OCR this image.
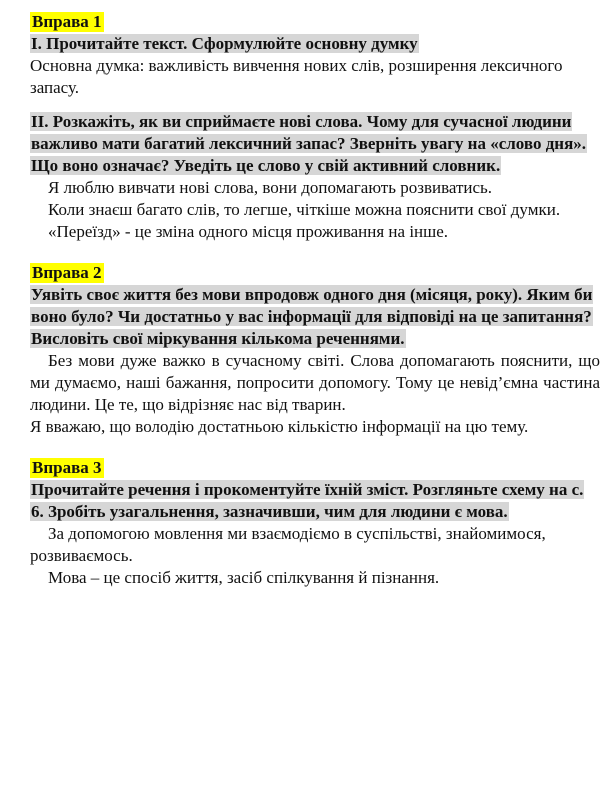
Вправа 1

І. Прочитайте текст. Сформулюйте основну думку

Основна думка: важливість вивчення нових слів, розширення лексичного запасу.

ІІ. Розкажіть, як ви сприймаєте нові слова. Чому для сучасної людини важливо мати багатий лексичний запас? Зверніть увагу на «слово дня». Що воно означає? Уведіть це слово у свій активний словник.

Я люблю вивчати нові слова, вони допомагають розвиватись.

Коли знаєш багато слів, то легше, чіткіше можна пояснити свої думки.

«Переїзд» - це зміна одного місця проживання на інше.

Вправа 2

Уявіть своє життя без мови впродовж одного дня (місяця, року). Яким би воно було? Чи достатньо у вас інформації для відповіді на це запитання? Висловіть свої міркування кількома реченнями.

Без мови дуже важко в сучасному світі. Слова допомагають пояснити, що ми думаємо, наші бажання, попросити допомогу. Тому це невід’ємна частина людини. Це те, що відрізняє нас від тварин.

Я вважаю, що володію достатньою кількістю інформації на цю тему.

Вправа 3

Прочитайте речення і прокоментуйте їхній зміст. Розгляньте схему на с. 6. Зробіть узагальнення, зазначивши, чим для людини є мова.

За допомогою мовлення ми взаємодіємо в суспільстві, знайомимося, розвиваємось.

Мова – це спосіб життя, засіб спілкування й пізнання.
